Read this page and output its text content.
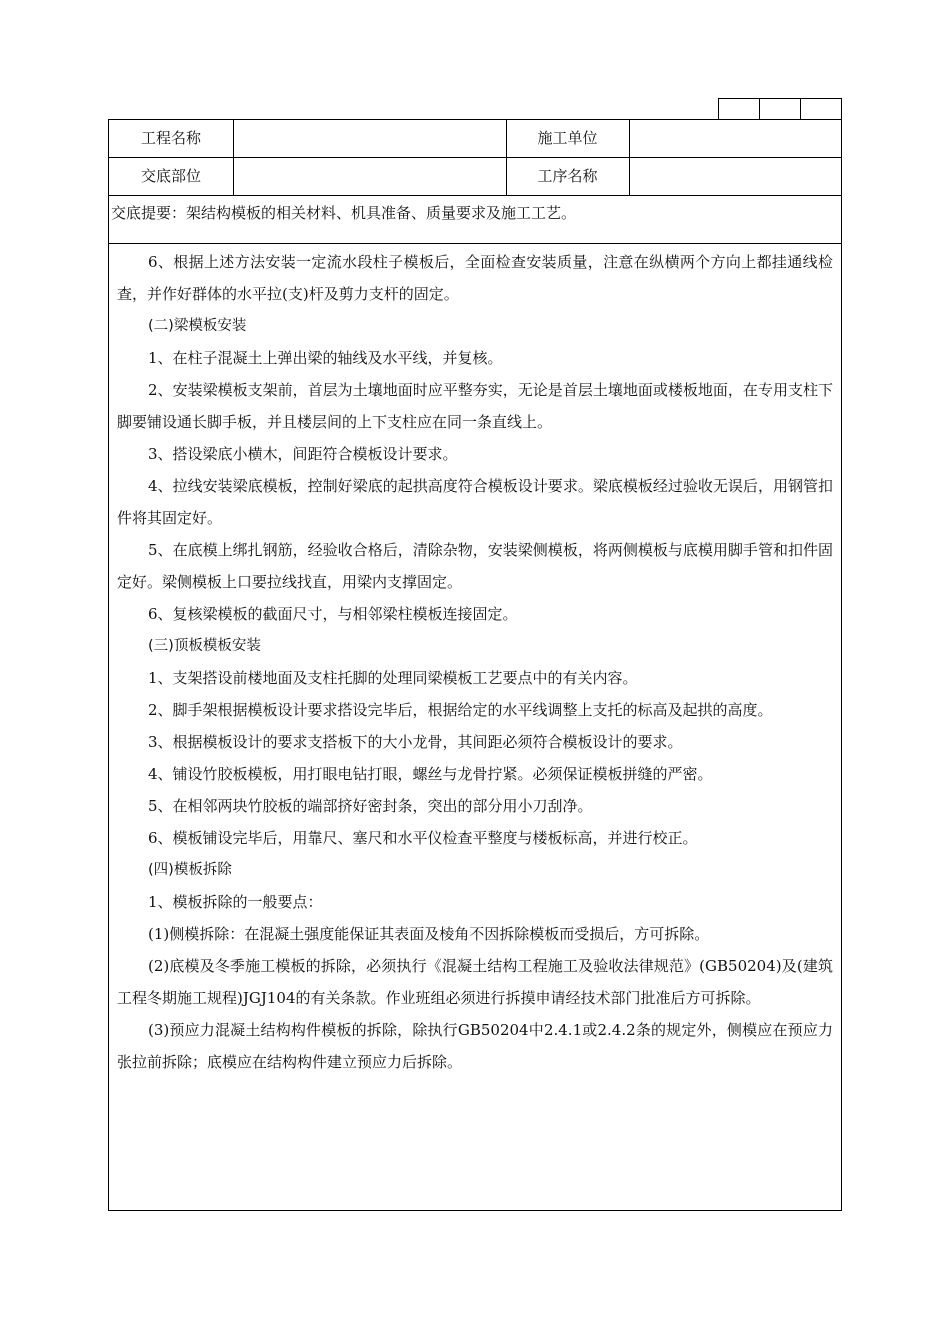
工程名称	施工单位
交底部位	工序名称
交底提要：架结构模板的相关材料、机具准备、质量要求及施工工艺。

6、根据上述方法安装一定流水段柱子模板后，全面检查安装质量，注意在纵横两个方向上都挂通线检查，并作好群体的水平拉(支)杆及剪力支杆的固定。

(二)梁模板安装

1、在柱子混凝土上弹出梁的轴线及水平线，并复核。

2、安装梁模板支架前，首层为土壤地面时应平整夯实，无论是首层土壤地面或楼板地面，在专用支柱下脚要铺设通长脚手板，并且楼层间的上下支柱应在同一条直线上。

3、搭设梁底小横木，间距符合模板设计要求。

4、拉线安装梁底模板，控制好梁底的起拱高度符合模板设计要求。梁底模板经过验收无误后，用钢管扣件将其固定好。

5、在底模上绑扎钢筋，经验收合格后，清除杂物，安装梁侧模板，将两侧模板与底模用脚手管和扣件固定好。梁侧模板上口要拉线找直，用梁内支撑固定。

6、复核梁模板的截面尺寸，与相邻梁柱模板连接固定。

(三)顶板模板安装

1、支架搭设前楼地面及支柱托脚的处理同梁模板工艺要点中的有关内容。

2、脚手架根据模板设计要求搭设完毕后，根据给定的水平线调整上支托的标高及起拱的高度。

3、根据模板设计的要求支搭板下的大小龙骨，其间距必须符合模板设计的要求。

4、铺设竹胶板模板，用打眼电钻打眼，螺丝与龙骨拧紧。必须保证模板拼缝的严密。

5、在相邻两块竹胶板的端部挤好密封条，突出的部分用小刀刮净。

6、模板铺设完毕后，用靠尺、塞尺和水平仪检查平整度与楼板标高，并进行校正。

(四)模板拆除

1、模板拆除的一般要点：

(1)侧模拆除：在混凝土强度能保证其表面及棱角不因拆除模板而受损后，方可拆除。

(2)底模及冬季施工模板的拆除，必须执行《混凝土结构工程施工及验收法律规范》(GB50204)及(建筑工程冬期施工规程)JGJ104的有关条款。作业班组必须进行拆摸申请经技术部门批准后方可拆除。

(3)预应力混凝土结构构件模板的拆除，除执行GB50204中2.4.1或2.4.2条的规定外，侧模应在预应力张拉前拆除；底模应在结构构件建立预应力后拆除。
